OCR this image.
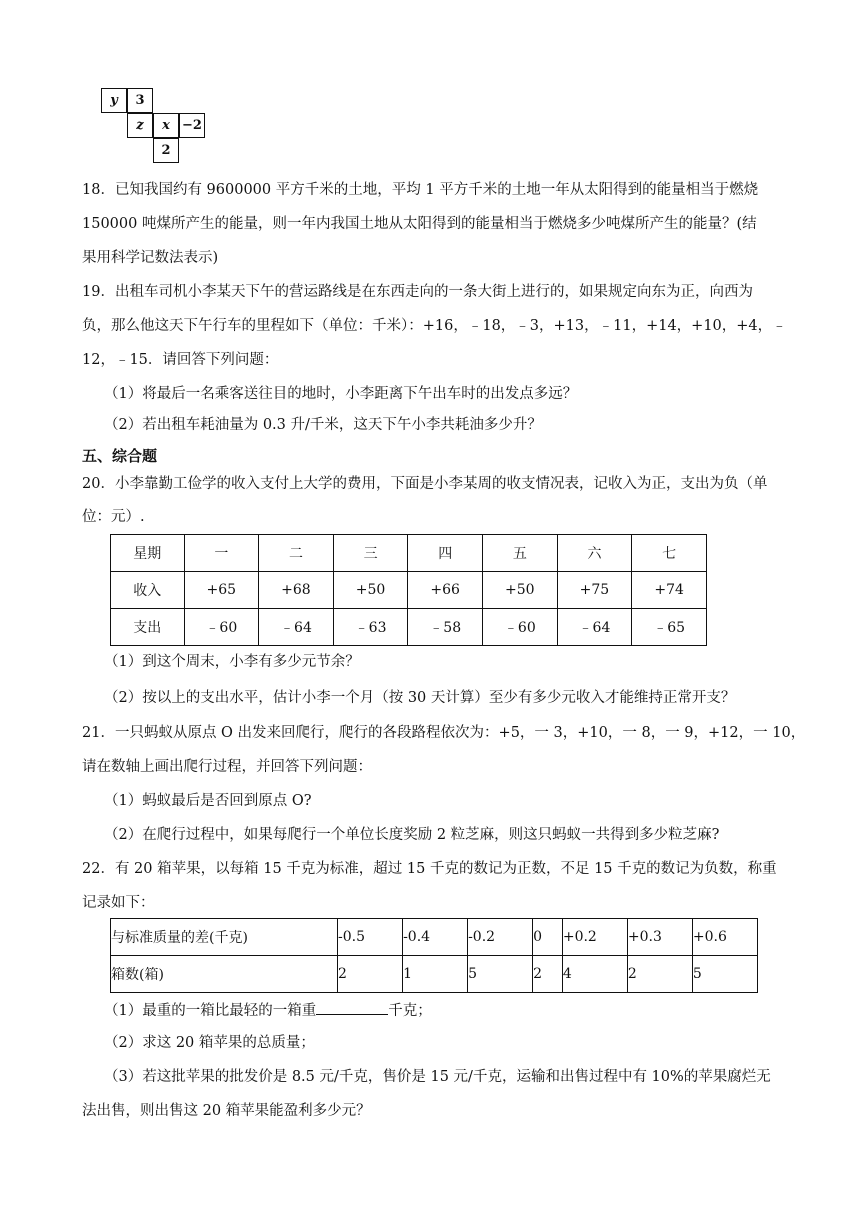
y	3
z	x −2
2
18．已知我国约有 9600000 平方千米的土地，平均 1 平方千米的土地一年从太阳得到的能量相当于燃烧
150000 吨煤所产生的能量，则一年内我国土地从太阳得到的能量相当于燃烧多少吨煤所产生的能量？(结
果用科学记数法表示)
19．出租车司机小李某天下午的营运路线是在东西走向的一条大街上进行的，如果规定向东为正，向西为
负，那么他这天下午行车的里程如下（单位：千米）：+16，﹣18，﹣3，+13，﹣11，+14，+10，+4，﹣
12，﹣15．请回答下列问题：
（1）将最后一名乘客送往目的地时，小李距离下午出车时的出发点多远？
（2）若出租车耗油量为 0.3 升/千米，这天下午小李共耗油多少升？
五、综合题
20．小李靠勤工俭学的收入支付上大学的费用，下面是小李某周的收支情况表，记收入为正，支出为负（单
位：元）.
星期	一	二	三	四	五	六	七
收入	+65	+68	+50	+66	+50	+75	+74
支出	﹣60	﹣64	﹣63	﹣58	﹣60	﹣64	﹣65
（1）到这个周末，小李有多少元节余？
（2）按以上的支出水平，估计小李一个月（按 30 天计算）至少有多少元收入才能维持正常开支？
21．一只蚂蚁从原点 O 出发来回爬行，爬行的各段路程依次为：+5，一 3，+10，一 8，一 9，+12，一 10，
请在数轴上画出爬行过程，并回答下列问题：
（1）蚂蚁最后是否回到原点 O?
（2）在爬行过程中，如果每爬行一个单位长度奖励 2 粒芝麻，则这只蚂蚁一共得到多少粒芝麻?
22．有 20 箱苹果，以每箱 15 千克为标准，超过 15 千克的数记为正数，不足 15 千克的数记为负数，称重
记录如下：
与标准质量的差(千克)	-0.5	-0.4	-0.2	0	+0.2	+0.3	+0.6
箱数(箱)	2	1	5	2	4	2	5
（1）最重的一箱比最轻的一箱重	千克；
（2）求这 20 箱苹果的总质量；
（3）若这批苹果的批发价是 8.5 元/千克，售价是 15 元/千克，运输和出售过程中有 10%的苹果腐烂无
法出售，则出售这 20 箱苹果能盈利多少元？
